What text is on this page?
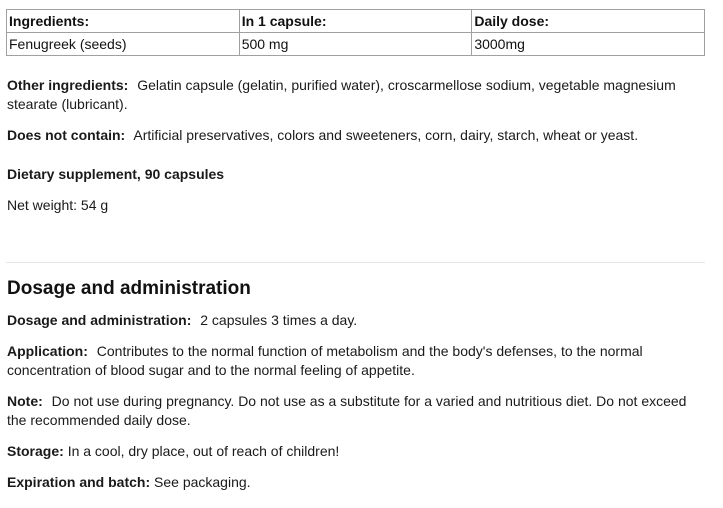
Ingredients:	In 1 capsule:	Daily dose:
Fenugreek (seeds)	500 mg	3000mg

Other ingredients: Gelatin capsule (gelatin, purified water), croscarmellose sodium, vegetable magnesium stearate (lubricant).

Does not contain: Artificial preservatives, colors and sweeteners, corn, dairy, starch, wheat or yeast.

Dietary supplement, 90 capsules

Net weight: 54 g

Dosage and administration

Dosage and administration: 2 capsules 3 times a day.

Application: Contributes to the normal function of metabolism and the body's defenses, to the normal concentration of blood sugar and to the normal feeling of appetite.

Note: Do not use during pregnancy. Do not use as a substitute for a varied and nutritious diet. Do not exceed the recommended daily dose.

Storage: In a cool, dry place, out of reach of children!

Expiration and batch: See packaging.
